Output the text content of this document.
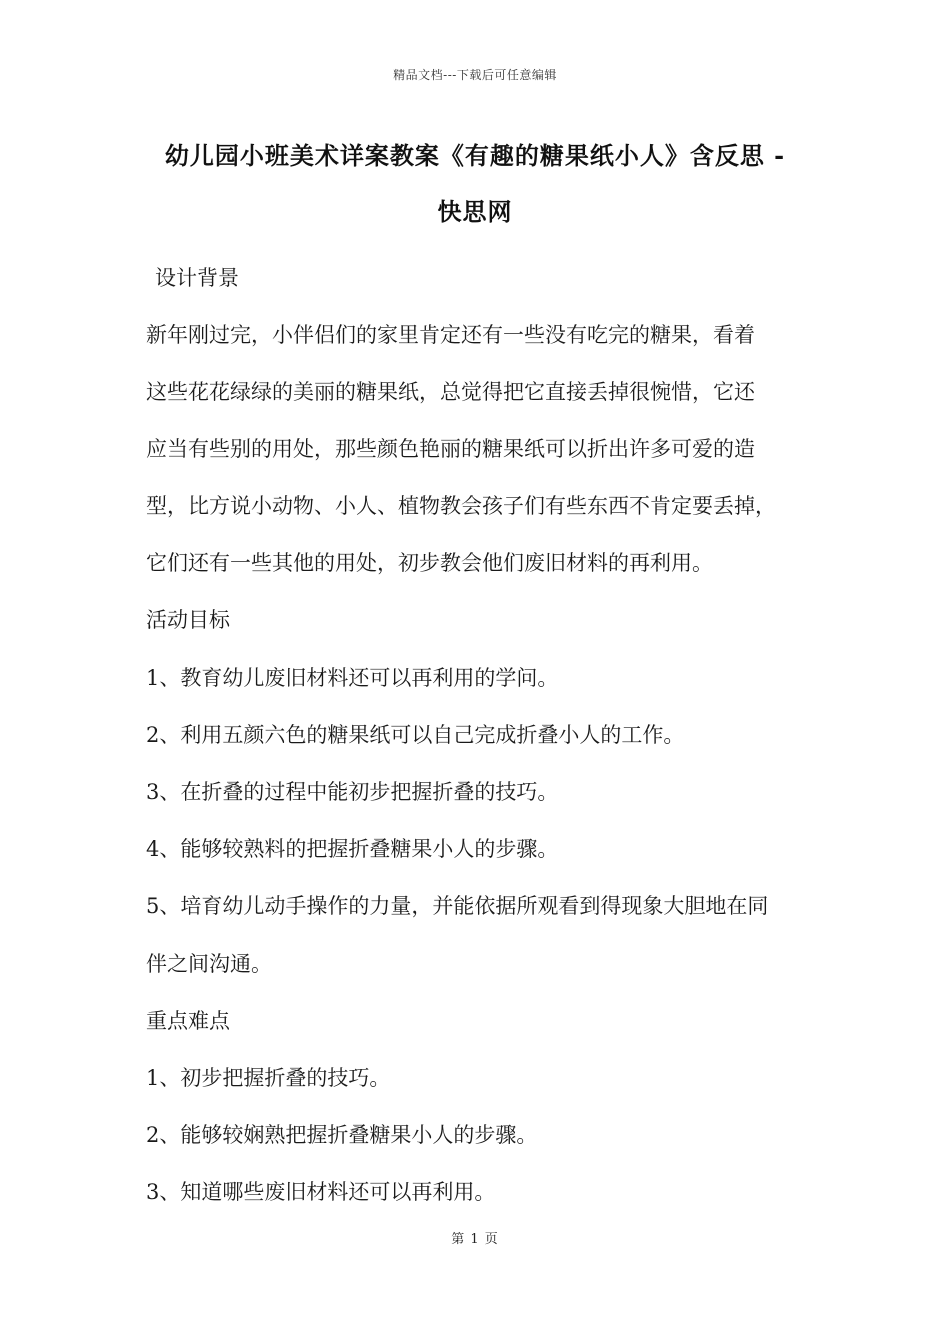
精品文档---下载后可任意编辑
幼儿园小班美术详案教案《有趣的糖果纸小人》含反思 -
快思网
设计背景
新年刚过完，小伴侣们的家里肯定还有一些没有吃完的糖果，看着
这些花花绿绿的美丽的糖果纸，总觉得把它直接丢掉很惋惜，它还
应当有些别的用处，那些颜色艳丽的糖果纸可以折出许多可爱的造
型，比方说小动物、小人、植物教会孩子们有些东西不肯定要丢掉，
它们还有一些其他的用处，初步教会他们废旧材料的再利用。
活动目标
1、教育幼儿废旧材料还可以再利用的学问。
2、利用五颜六色的糖果纸可以自己完成折叠小人的工作。
3、在折叠的过程中能初步把握折叠的技巧。
4、能够较熟料的把握折叠糖果小人的步骤。
5、培育幼儿动手操作的力量，并能依据所观看到得现象大胆地在同
伴之间沟通。
重点难点
1、初步把握折叠的技巧。
2、能够较娴熟把握折叠糖果小人的步骤。
3、知道哪些废旧材料还可以再利用。
第 1 页
